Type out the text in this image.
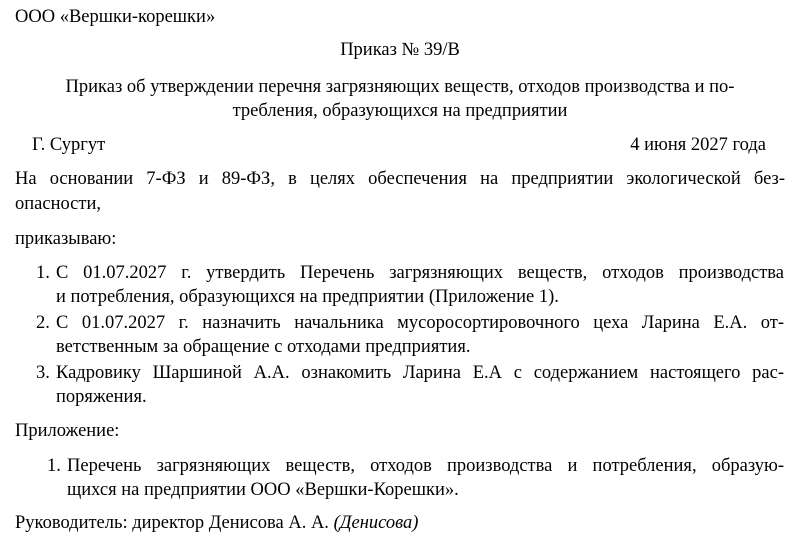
ООО «Вершки-корешки»
Приказ № 39/В
Приказ об утверждении перечня загрязняющих веществ, отходов производства и по-
требления, образующихся на предприятии
Г. Сургут	4 июня 2027 года
На основании 7-ФЗ и 89-ФЗ, в целях обеспечения на предприятии экологической без-
опасности,
приказываю:
1. С 01.07.2027 г. утвердить Перечень загрязняющих веществ, отходов производства
и потребления, образующихся на предприятии (Приложение 1).
2. С 01.07.2027 г. назначить начальника мусоросортировочного цеха Ларина Е.А. от-
ветственным за обращение с отходами предприятия.
3. Кадровику Шаршиной А.А. ознакомить Ларина Е.А с содержанием настоящего рас-
поряжения.
Приложение:
1. Перечень загрязняющих веществ, отходов производства и потребления, образую-
щихся на предприятии ООО «Вершки-Корешки».
Руководитель: директор Денисова А. А. (Денисова)
